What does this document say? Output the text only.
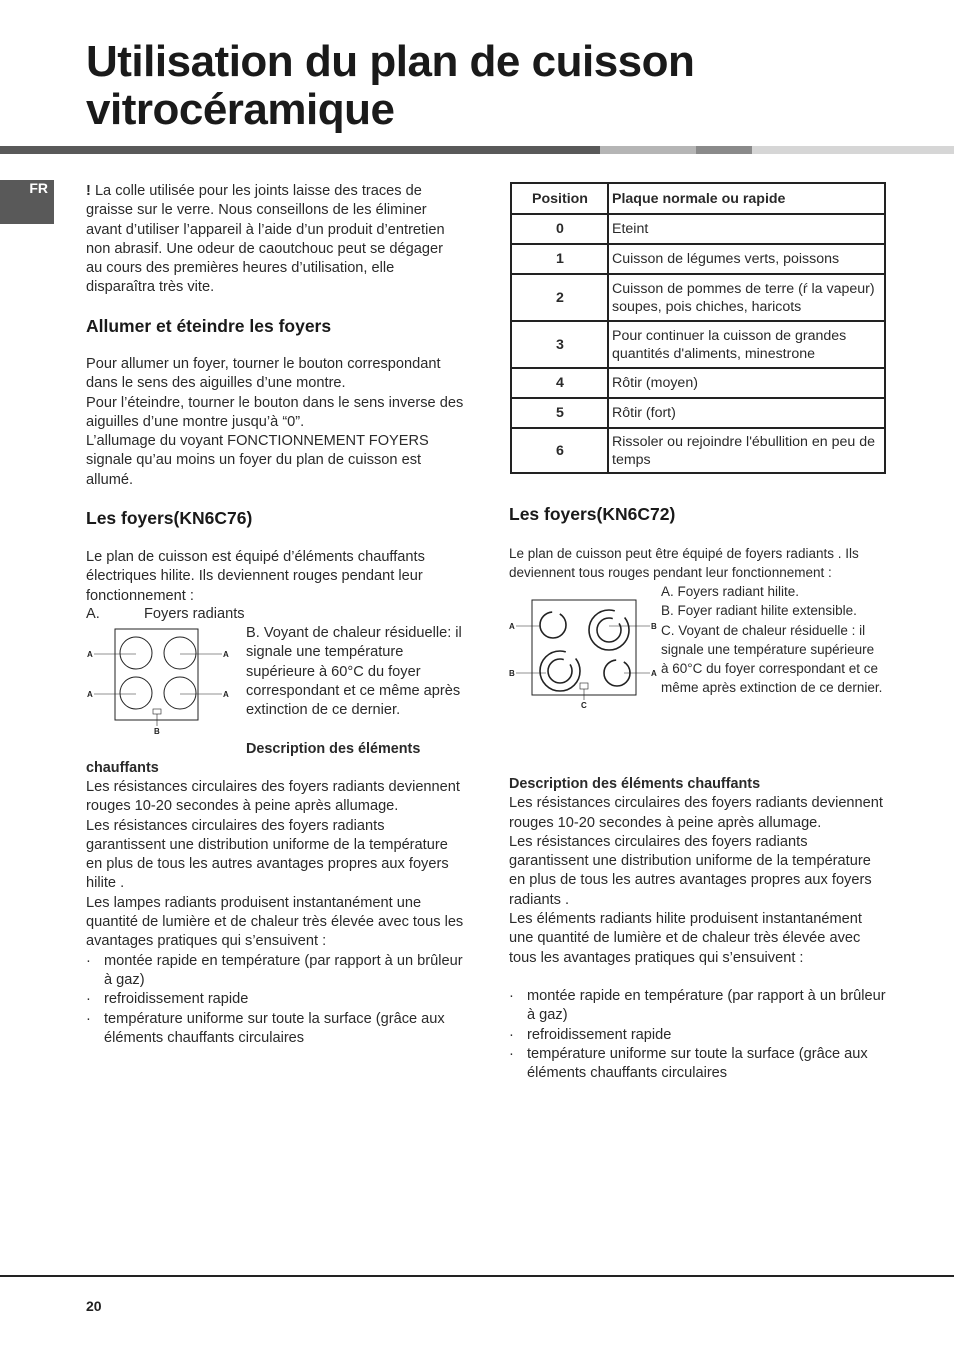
Utilisation du plan de cuisson vitrocéramique
FR	! La colle utilisée pour les joints laisse des traces de graisse sur le verre. Nous conseillons de les éliminer avant d’utiliser l’appareil à l’aide d’un produit d’entretien non abrasif. Une odeur de caoutchouc peut se dégager au cours des premières heures d’utilisation, elle disparaîtra très vite.

Allumer et éteindre les foyers

Pour allumer un foyer, tourner le bouton correspondant dans le sens des aiguilles d’une montre.

Pour l’éteindre, tourner le bouton dans le sens inverse des aiguilles d’une montre jusqu’à “0”.

L’allumage du voyant FONCTIONNEMENT FOYERS signale qu’au moins un foyer du plan de cuisson est allumé.

Les foyers(KN6C76)

Le plan de cuisson est équipé d’éléments chauffants électriques hilite. Ils deviennent rouges pendant leur fonctionnement :

A.	Foyers radiants

B. Voyant de chaleur résiduelle: il signale une température supérieure à 60°C du foyer correspondant et ce même après extinction de ce dernier.

A	A
A	A
B

Description des éléments

chauffants

Les résistances circulaires des foyers radiants deviennent rouges 10-20 secondes à peine après allumage.

Les résistances circulaires des foyers radiants garantissent une distribution uniforme de la température en plus de tous les autres avantages propres aux foyers hilite .

Les lampes radiants produisent instantanément une quantité de lumière et de chaleur très élevée avec tous les avantages pratiques qui s’ensuivent :

· montée rapide en température (par rapport à un brûleur à gaz)
· refroidissement rapide
· température uniforme sur toute la surface (grâce aux éléments chauffants circulaires
Position	Plaque normale ou rapide
0	Eteint
1	Cuisson de légumes verts, poissons
2	Cuisson de pommes de terre (ŕ la vapeur) soupes, pois chiches, haricots
3	Pour continuer la cuisson de grandes quantités d'aliments, minestrone
4	Rôtir (moyen)
5	Rôtir (fort)
6	Rissoler ou rejoindre l'ébullition en peu de temps
Les foyers(KN6C72)

Le plan de cuisson peut être équipé de foyers radiants . Ils deviennent tous rouges pendant leur fonctionnement :

A. Foyers radiant hilite.

B. Foyer radiant hilite extensible.

C. Voyant de chaleur résiduelle : il signale une température supérieure à 60°C du foyer correspondant et ce même après extinction de ce dernier.

A	B
B	A
C

Description des éléments chauffants

Les résistances circulaires des foyers radiants deviennent rouges 10-20 secondes à peine après allumage.

Les résistances circulaires des foyers radiants garantissent une distribution uniforme de la température en plus de tous les autres avantages propres aux foyers radiants .

Les éléments radiants hilite produisent instantanément une quantité de lumière et de chaleur très élevée avec tous les avantages pratiques qui s’ensuivent :

· montée rapide en température (par rapport à un brûleur à gaz)
· refroidissement rapide
· température uniforme sur toute la surface (grâce aux éléments chauffants circulaires
20
